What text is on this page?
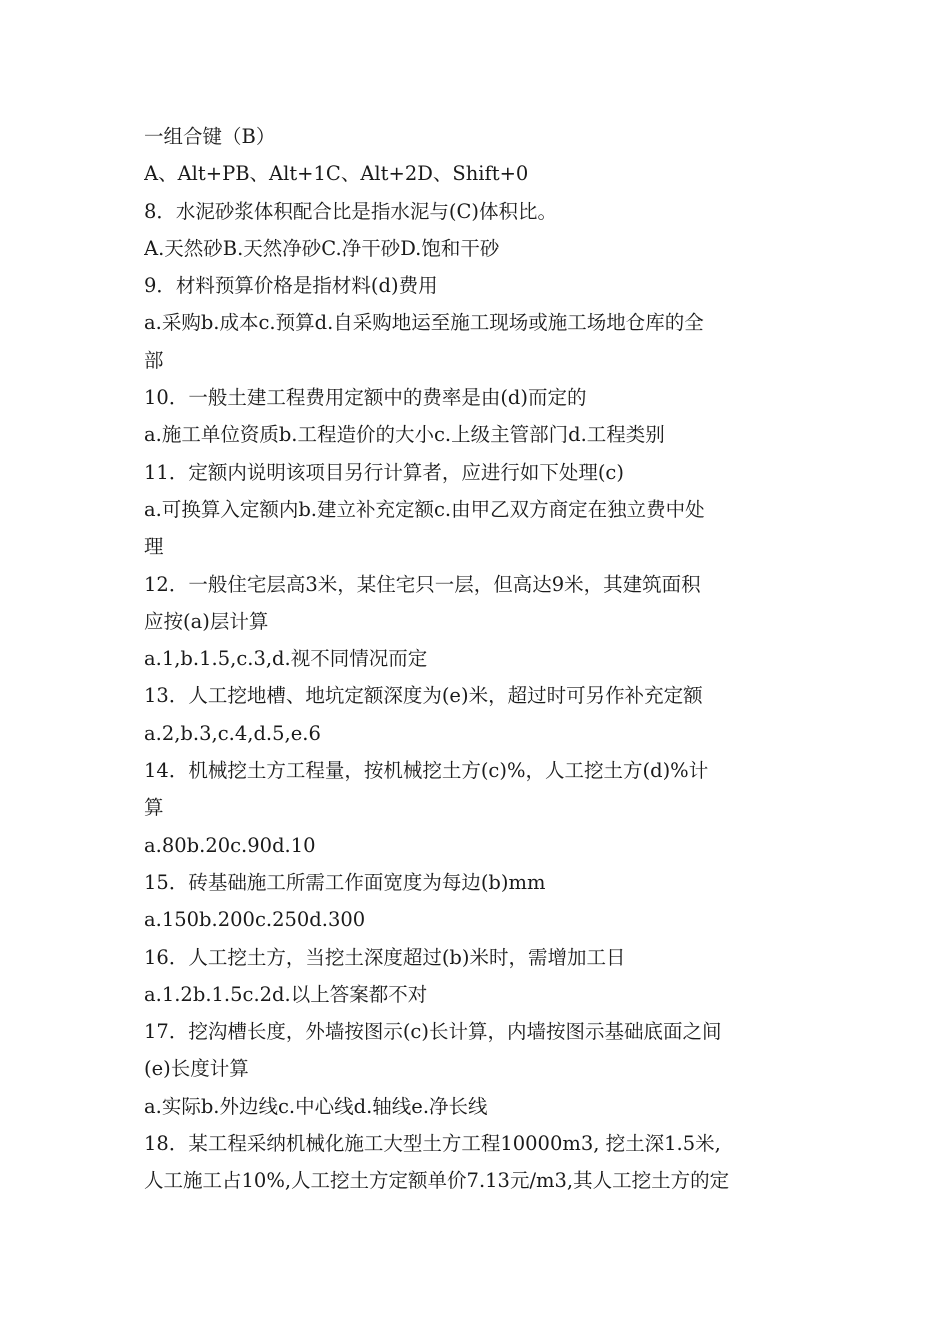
一组合键（B）
A、Alt+PB、Alt+1C、Alt+2D、Shift+0
8．水泥砂浆体积配合比是指水泥与(C)体积比。
A.天然砂B.天然净砂C.净干砂D.饱和干砂
9．材料预算价格是指材料(d)费用
a.采购b.成本c.预算d.自采购地运至施工现场或施工场地仓库的全
部
10．一般土建工程费用定额中的费率是由(d)而定的
a.施工单位资质b.工程造价的大小c.上级主管部门d.工程类别
11．定额内说明该项目另行计算者，应进行如下处理(c)
a.可换算入定额内b.建立补充定额c.由甲乙双方商定在独立费中处
理
12．一般住宅层高3米，某住宅只一层，但高达9米，其建筑面积
应按(a)层计算
a.1,b.1.5,c.3,d.视不同情况而定
13．人工挖地槽、地坑定额深度为(e)米，超过时可另作补充定额
a.2,b.3,c.4,d.5,e.6
14．机械挖土方工程量，按机械挖土方(c)%，人工挖土方(d)%计
算
a.80b.20c.90d.10
15．砖基础施工所需工作面宽度为每边(b)mm
a.150b.200c.250d.300
16．人工挖土方，当挖土深度超过(b)米时，需增加工日
a.1.2b.1.5c.2d.以上答案都不对
17．挖沟槽长度，外墙按图示(c)长计算，内墙按图示基础底面之间
(e)长度计算
a.实际b.外边线c.中心线d.轴线e.净长线
18．某工程采纳机械化施工大型土方工程10000m3, 挖土深1.5米,
人工施工占10%,人工挖土方定额单价7.13元/m3,其人工挖土方的定
